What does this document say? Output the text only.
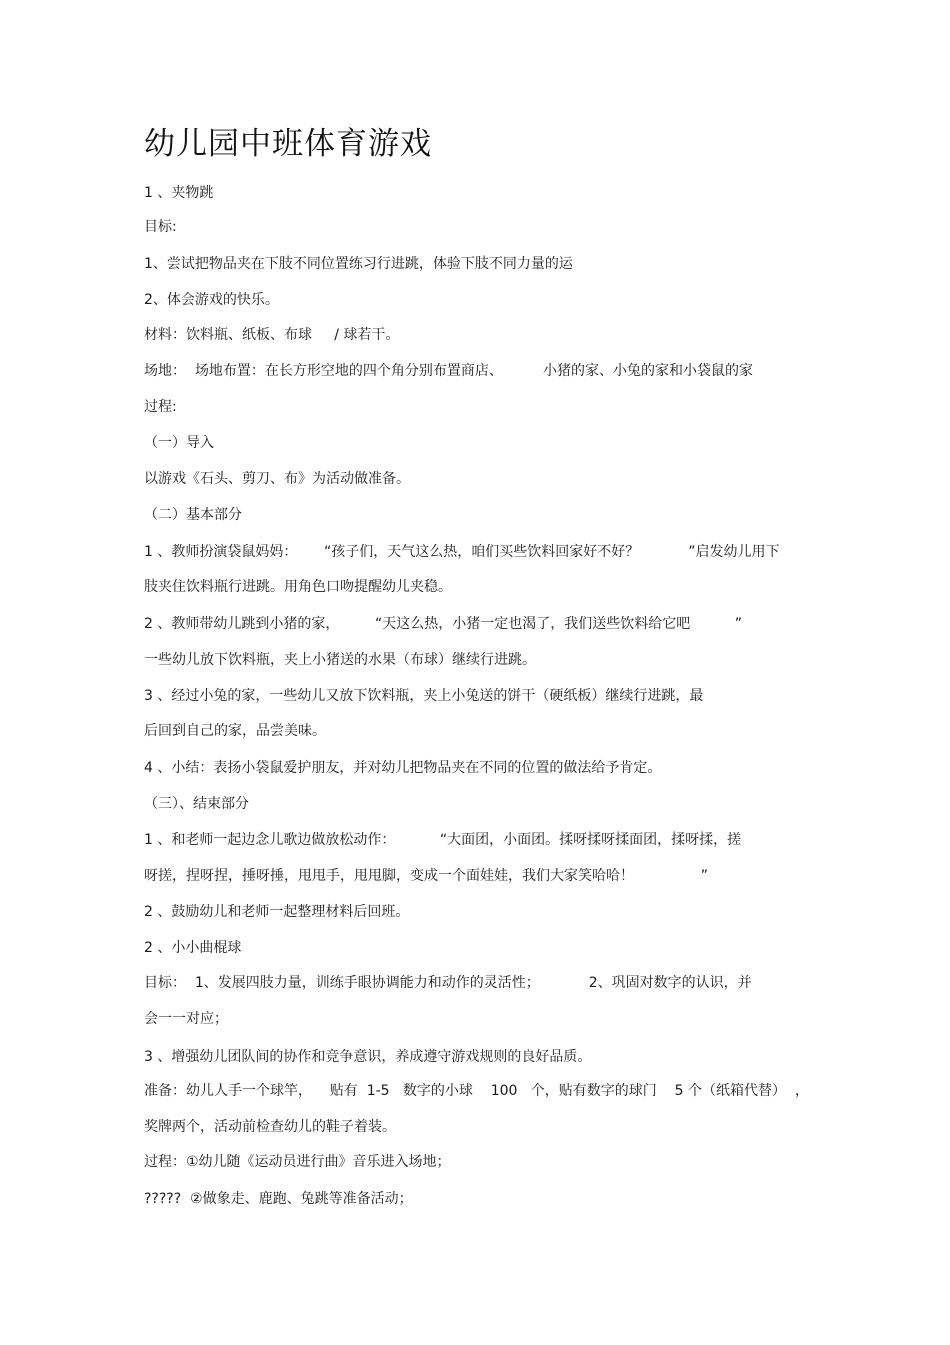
幼儿园中班体育游戏
1 、夹物跳
目标:
1、尝试把物品夹在下肢不同位置练习行进跳，体验下肢不同力量的运
2、体会游戏的快乐。
材料：饮料瓶、纸板、布球     / 球若干。
场地：  场地布置：在长方形空地的四个角分别布置商店、         小猪的家、小兔的家和小袋鼠的家
过程:
（一）导入
以游戏《石头、剪刀、布》为活动做准备。
（二）基本部分
1 、教师扮演袋鼠妈妈：      “孩子们，天气这么热，咱们买些饮料回家好不好？           ”启发幼儿用下
肢夹住饮料瓶行进跳。用角色口吻提醒幼儿夹稳。
2 、教师带幼儿跳到小猪的家，        “天这么热，小猪一定也渴了，我们送些饮料给它吧          ”
一些幼儿放下饮料瓶，夹上小猪送的水果（布球）继续行进跳。
3 、经过小兔的家，一些幼儿又放下饮料瓶，夹上小兔送的饼干（硬纸板）继续行进跳，最
后回到自己的家，品尝美味。
4 、小结：表扬小袋鼠爱护朋友，并对幼儿把物品夹在不同的位置的做法给予肯定。
（三）、结束部分
1 、和老师一起边念儿歌边做放松动作：          “大面团，小面团。揉呀揉呀揉面团，揉呀揉，搓
呀搓，捏呀捏，捶呀捶，甩甩手，甩甩脚，变成一个面娃娃，我们大家笑哈哈！               ”
2 、鼓励幼儿和老师一起整理材料后回班。
2 、小小曲棍球
目标：  1、发展四肢力量，训练手眼协调能力和动作的灵活性；           2、巩固对数字的认识，并
会一一对应；
3 、增强幼儿团队间的协作和竞争意识，养成遵守游戏规则的良好品质。
准备：幼儿人手一个球竿，    贴有  1-5   数字的小球    100   个，贴有数字的球门    5 个（纸箱代替）  ，
奖牌两个，活动前检查幼儿的鞋子着装。
过程：①幼儿随《运动员进行曲》音乐进入场地；
?????  ②做象走、鹿跑、兔跳等准备活动；
